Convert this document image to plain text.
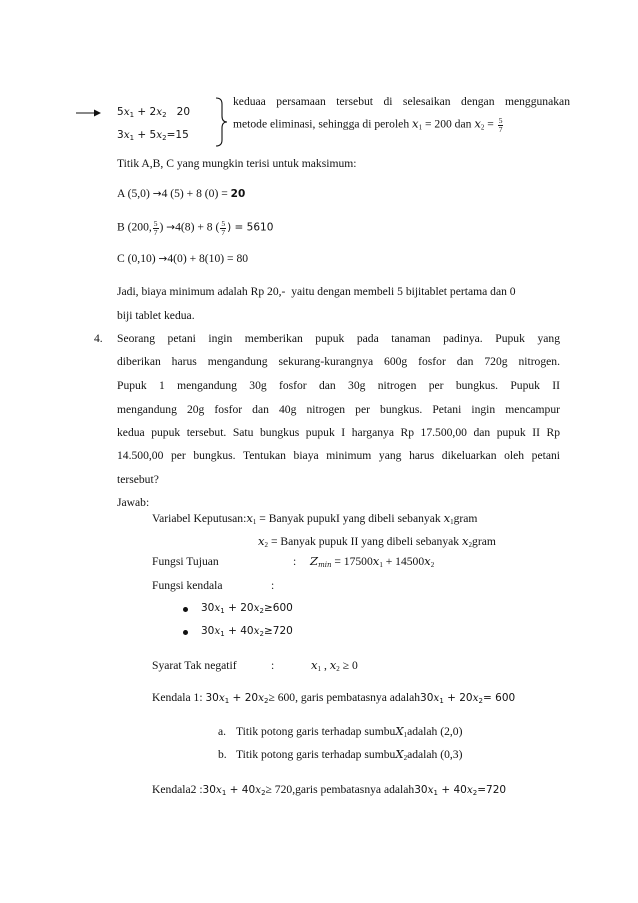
$5x_1 + 2x_2$   20
$3x_1 + 5x_2=15$
keduaa persamaan tersebut di selesaikan dengan menggunakan
metode eliminasi, sehingga di peroleh $x_1 = 200$ dan $x_2 = \frac{5}{7}$
Titik A,B, C yang mungkin terisi untuk maksimum:
A (5,0) →4 (5) + 8 (0) = 20
B (200, $\frac{5}{7}$ ) →4(8) + 8 ( $\frac{5}{7}$ ) = 5610
C (0,10) →4(0) + 8(10) = 80
Jadi, biaya minimum adalah Rp 20,-  yaitu dengan membeli 5 bijitablet pertama dan 0
biji tablet kedua.
4. Seorang petani ingin memberikan pupuk pada tanaman padinya. Pupuk yang
diberikan harus mengandung sekurang-kurangnya 600g fosfor dan 720g nitrogen.
Pupuk 1 mengandung 30g fosfor dan 30g nitrogen per bungkus. Pupuk II
mengandung 20g fosfor dan 40g nitrogen per bungkus. Petani ingin mencampur
kedua pupuk tersebut. Satu bungkus pupuk I harganya Rp 17.500,00 dan pupuk II Rp
14.500,00 per bungkus. Tentukan biaya minimum yang harus dikeluarkan oleh petani
tersebut?
Jawab:
Variabel $Keputusan:x_1$ = Banyak pupukI yang dibeli sebanyak $x_1gram$
$x_2$ = Banyak pupuk II yang dibeli sebanyak $x_2gram$
Fungsi Tujuan	: $Z_{min} = 17500x_1 + 14500x_2$
Fungsi kendala	:
$30x_1 + 20x_2\ge 600$
$30x_1 + 40x_2\ge 720$
Syarat Tak negatif	:	$x_1$ , $x_2 \ge 0$
Kendala 1: $30x_1 + 20x_2\ge 600$, garis pembatasnya $adalah30x_1 + 20x_2= 600$
a. Titik potong garis terhadap sumbuX$_1$adalah (2,0)
b. Titik potong garis terhadap sumbuX$_2$adalah (0,3)
Kendala2 $:30x_1 + 40x_2\ge$ 720,garis pembatasnya $adalah30x_1 + 40x_2=720$
